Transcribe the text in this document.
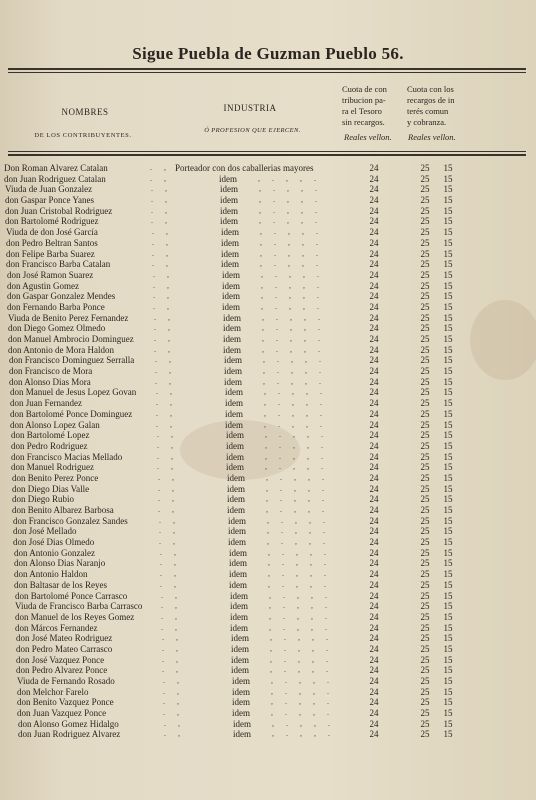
Sigue Puebla de Guzman Pueblo 56.
NOMBRES
DE LOS CONTRIBUYENTES.
INDUSTRIA
Ó PROFESION QUE EJERCEN.
Cuota de con
tribucion pa-
ra el Tesoro
sin recargos.
Cuota con los
recargos de in
terés comun
y cobranza.
Reales vellon.	Reales vellon.
Don Roman Alvarez Catalan	. , Porteador con dos caballerias mayores	24	25 15
don Juan Rodriguez Catalan	. ,	idem	, . , , .	24	25 15
Viuda de Juan Gonzalez	. ,	idem	, . , , .	24	25 15
don Gaspar Ponce Yanes	. ,	idem	, . , , .	24	25 15
don Juan Cristobal Rodriguez	. ,	idem	, . , , .	24	25 15
don Bartolomé Rodriguez	. ,	idem	, . , , .	24	25 15
Viuda de don José García	. ,	idem	, . , , .	24	25 15
don Pedro Beltran Santos	. ,	idem	, . , , .	24	25 15
don Felipe Barba Suarez	. ,	idem	, . , , .	24	25 15
don Francisco Barba Catalan	. ,	idem	, . , , .	24	25 15
don José Ramon Suarez	. ,	idem	, . , , .	24	25 15
don Agustin Gomez	. ,	idem	, . , , .	24	25 15
don Gaspar Gonzalez Mendes	. ,	idem	, . , , .	24	25 15
don Fernando Barba Ponce	. ,	idem	, . , , .	24	25 15
Viuda de Benito Perez Fernandez	. ,	idem	, . , , .	24	25 15
don Diego Gomez Olmedo	. ,	idem	, . , , .	24	25 15
don Manuel Ambrocio Dominguez	. ,	idem	, . , , .	24	25 15
don Antonio de Mora Haldon	. ,	idem	, . , , .	24	25 15
don Francisco Dominguez Serralla	. ,	idem	, . , , .	24	25 15
don Francisco de Mora	. ,	idem	, . , , .	24	25 15
don Alonso Dias Mora	. ,	idem	, . , , .	24	25 15
don Manuel de Jesus Lopez Govan . ,	idem	, . , , .	24	25 15
don Juan Fernandez	. ,	idem	, . , , .	24	25 15
don Bartolomé Ponce Dominguez	. ,	idem	, . , , .	24	25 15
don Alonso Lopez Galan	. ,	idem	, . , , .	24	25 15
don Bartolomé Lopez	. ,	idem	, . , , .	24	25 15
don Pedro Rodriguez	. ,	idem	, . , , .	24	25 15
don Francisco Macias Mellado	. ,	idem	, . , , .	24	25 15
don Manuel Rodriguez	. ,	idem	, . , , .	24	25 15
don Benito Perez Ponce	. ,	idem	, . , , .	24	25 15
don Diego Dias Valle	. ,	idem	, . , , .	24	25 15
don Diego Rubio	. ,	idem	, . , , .	24	25 15
don Benito Albarez Barbosa	. ,	idem	, . , , .	24	25 15
don Francisco Gonzalez Sandes	. ,	idem	, . , , .	24	25 15
don José Mellado	. ,	idem	, . , , .	24	25 15
don José Dias Olmedo	. ,	idem	, . , , .	24	25 15
don Antonio Gonzalez	. ,	idem	, . , , .	24	25 15
don Alonso Dias Naranjo	. ,	idem	, . , , .	24	25 15
don Antonio Haldon	. ,	idem	, . , , .	24	25 15
don Baltasar de los Reyes	. ,	idem	, . , , .	24	25 15
don Bartolomé Ponce Carrasco	. ,	idem	, . , , .	24	25 15
Viuda de Francisco Barba Carrasco . ,	idem	, . , , .	24	25 15
don Manuel de los Reyes Gomez	. ,	idem	, . , , .	24	25 15
don Márcos Fernandez	. ,	idem	, . , , .	24	25 15
don José Mateo Rodriguez	. ,	idem	, . , , .	24	25 15
don Pedro Mateo Carrasco	. ,	idem	, . , , .	24	25 15
don José Vazquez Ponce	. ,	idem	, . , , .	24	25 15
don Pedro Alvarez Ponce	. ,	idem	, . , , .	24	25 15
Viuda de Fernando Rosado	. ,	idem	, . , , .	24	25 15
don Melchor Farelo	. ,	idem	, . , , .	24	25 15
don Benito Vazquez Ponce	. ,	idem	, . , , .	24	25 15
don Juan Vazquez Ponce	. ,	idem	, . , , .	24	25 15
don Alonso Gomez Hidalgo	. ,	idem	, . , , .	24	25 15
don Juan Rodriguez Alvarez	. ,	idem	, . , , .	24	25 15
